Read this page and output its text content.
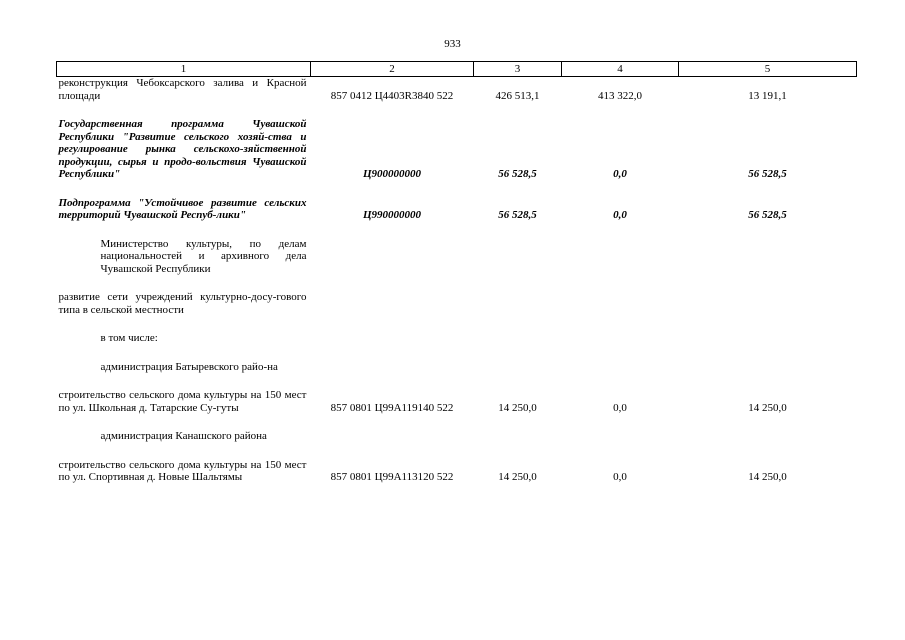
933
1	2	3	4	5
реконструкция Чебоксарского залива и Красной площади	857 0412 Ц4403R3840 522	426 513,1	413 322,0	13 191,1

Государственная программа Чувашской Республики "Развитие сельского хозяй-ства и регулирование рынка сельскохо-зяйственной продукции, сырья и продо-вольствия Чувашской Республики"	Ц900000000	56 528,5	0,0	56 528,5

Подпрограмма "Устойчивое развитие сельских территорий Чувашской Респуб-лики"	Ц990000000	56 528,5	0,0	56 528,5

Министерство культуры, по делам национальностей и архивного дела Чувашской Республики				

развитие сети учреждений культурно-досу-гового типа в сельской местности				

в том числе:				

администрация Батыревского райо-на				

строительство сельского дома культуры на 150 мест по ул. Школьная д. Татарские Су-гуты	857 0801 Ц99А119140 522	14 250,0	0,0	14 250,0

администрация Канашского района				

строительство сельского дома культуры на 150 мест по ул. Спортивная д. Новые Шальтямы	857 0801 Ц99А113120 522	14 250,0	0,0	14 250,0
